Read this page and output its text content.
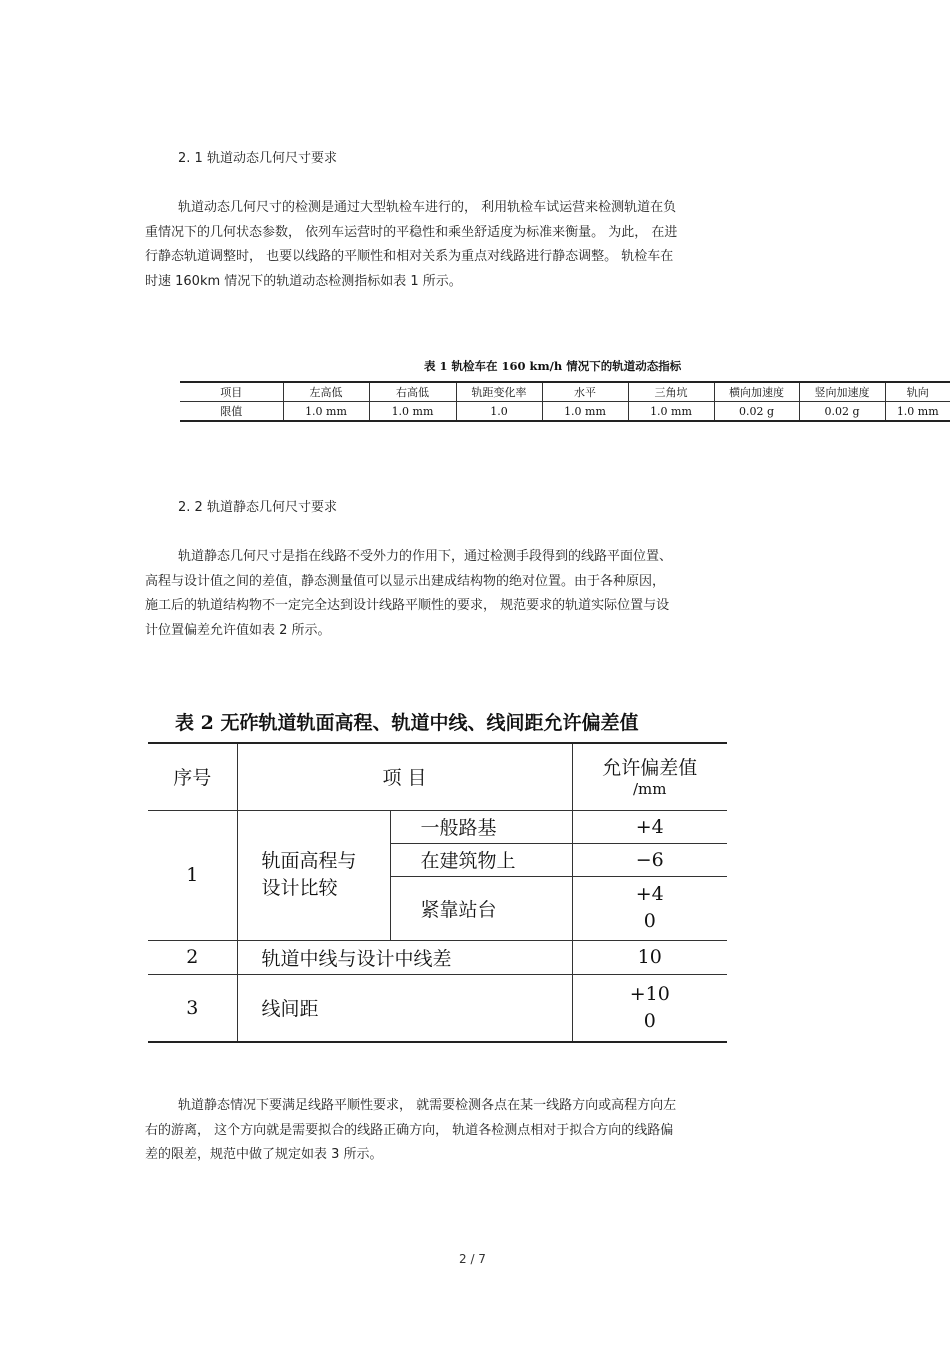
2. 1 轨道动态几何尺寸要求
轨道动态几何尺寸的检测是通过大型轨检车进行的， 利用轨检车试运营来检测轨道在负
重情况下的几何状态参数， 依列车运营时的平稳性和乘坐舒适度为标准来衡量。 为此， 在进
行静态轨道调整时， 也要以线路的平顺性和相对关系为重点对线路进行静态调整。 轨检车在
时速 160km 情况下的轨道动态检测指标如表 1 所示。
表 1 轨检车在 160 km/h 情况下的轨道动态指标
项目	左高低	右高低	轨距变化率	水平	三角坑	横向加速度	竖向加速度	轨向
限值	1.0 mm	1.0 mm	1.0	1.0 mm	1.0 mm	0.02 g	0.02 g	1.0 mm
2. 2 轨道静态几何尺寸要求
轨道静态几何尺寸是指在线路不受外力的作用下，通过检测手段得到的线路平面位置、
高程与设计值之间的差值，静态测量值可以显示出建成结构物的绝对位置。由于各种原因，
施工后的轨道结构物不一定完全达到设计线路平顺性的要求， 规范要求的轨道实际位置与设
计位置偏差允许值如表 2 所示。
表 2 无砟轨道轨面高程、轨道中线、线间距允许偏差值
序号	项 目		允许偏差值
/mm

1	轨面高程与
设计比较	一般路基	+4
		在建筑物上	−6
		紧靠站台	+4
0

2	轨道中线与设计中线差		10
3	线间距		+10
0
轨道静态情况下要满足线路平顺性要求， 就需要检测各点在某一线路方向或高程方向左
右的游离， 这个方向就是需要拟合的线路正确方向， 轨道各检测点相对于拟合方向的线路偏
差的限差，规范中做了规定如表 3 所示。
2 / 7
